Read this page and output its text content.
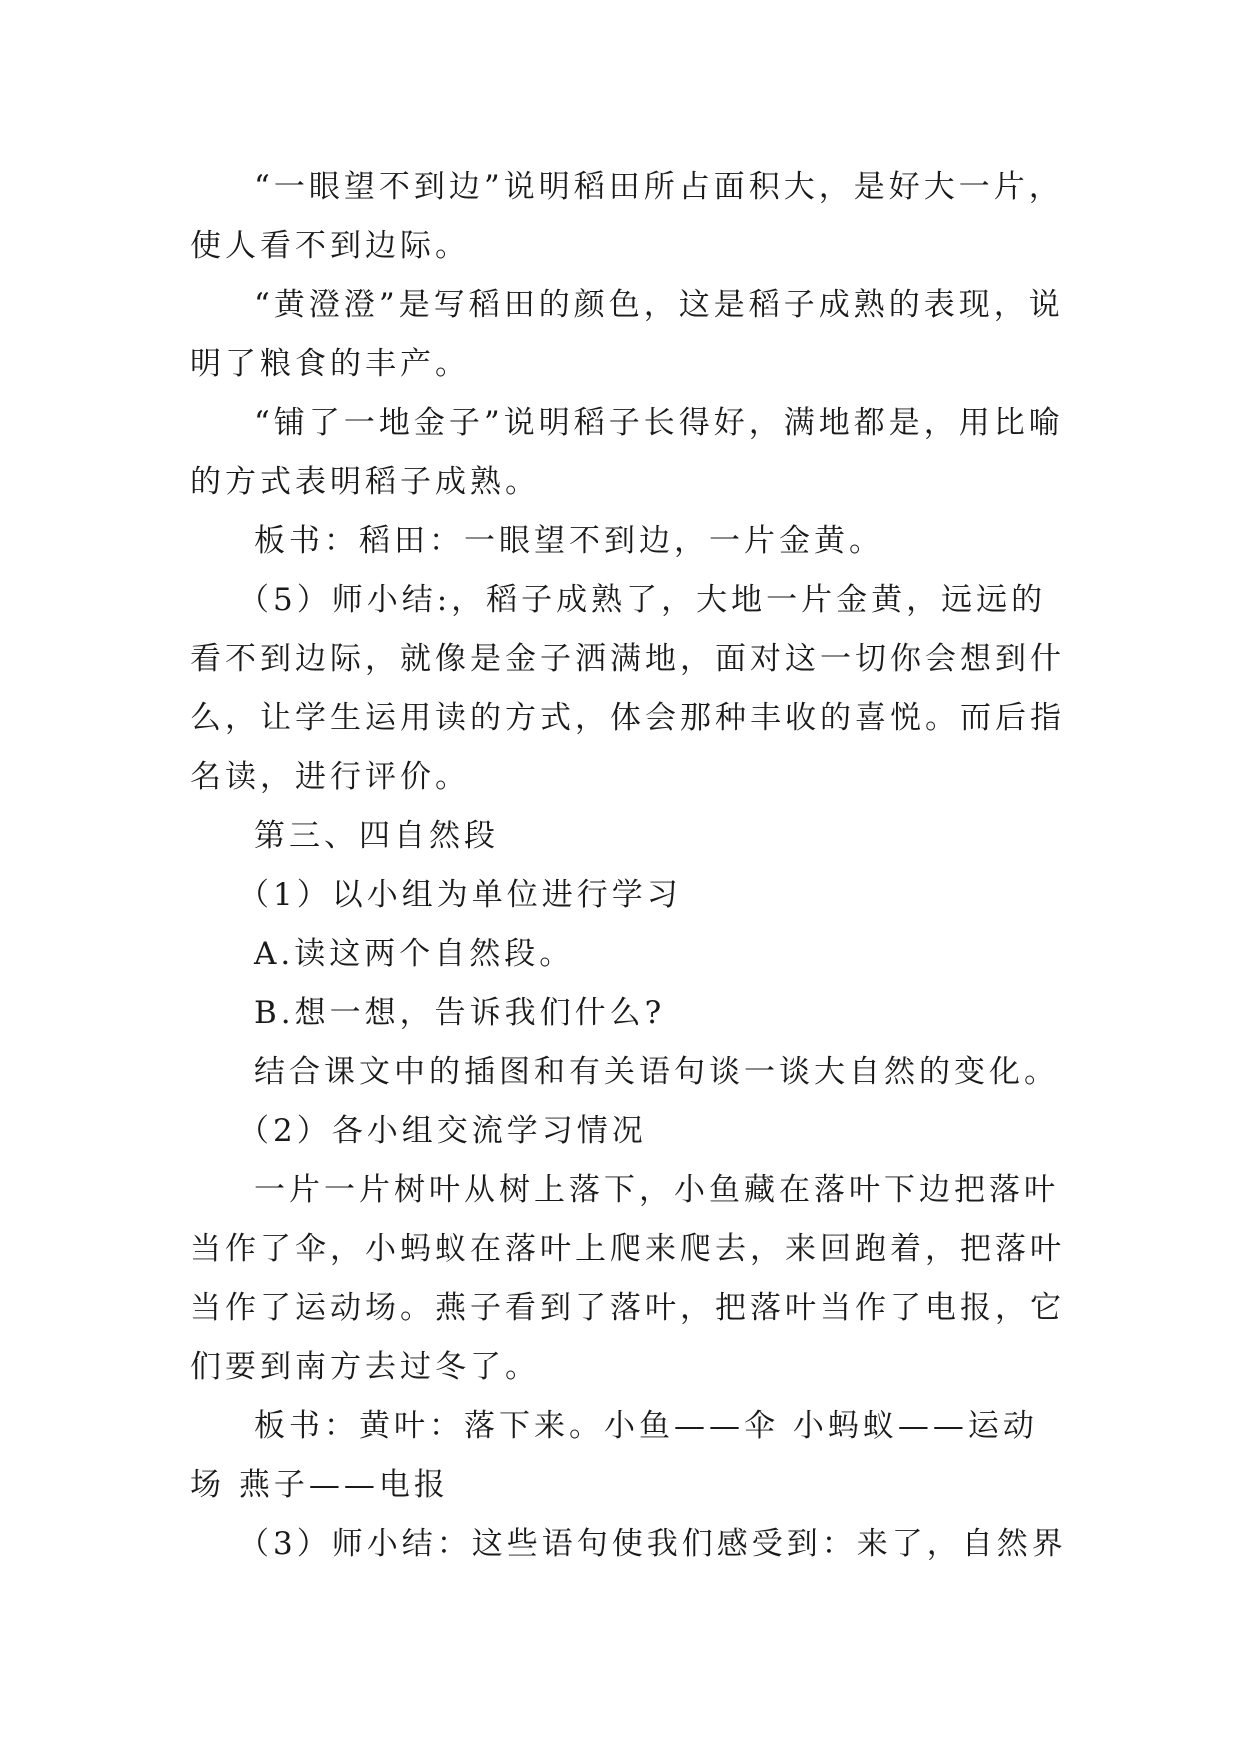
“一眼望不到边”说明稻田所占面积大，是好大一片，使人看不到边际。

“黄澄澄”是写稻田的颜色，这是稻子成熟的表现，说明了粮食的丰产。

“铺了一地金子”说明稻子长得好，满地都是，用比喻的方式表明稻子成熟。

板书：稻田：一眼望不到边，一片金黄。

（5）师小结:，稻子成熟了，大地一片金黄，远远的看不到边际，就像是金子洒满地，面对这一切你会想到什么，让学生运用读的方式，体会那种丰收的喜悦。而后指名读，进行评价。

第三、四自然段

（1）以小组为单位进行学习

A.读这两个自然段。

B.想一想，告诉我们什么?

结合课文中的插图和有关语句谈一谈大自然的变化。

（2）各小组交流学习情况

一片一片树叶从树上落下，小鱼藏在落叶下边把落叶当作了伞，小蚂蚁在落叶上爬来爬去，来回跑着，把落叶当作了运动场。燕子看到了落叶，把落叶当作了电报，它们要到南方去过冬了。

板书：黄叶：落下来。小鱼——伞 小蚂蚁——运动场 燕子——电报

（3）师小结：这些语句使我们感受到：来了，自然界
